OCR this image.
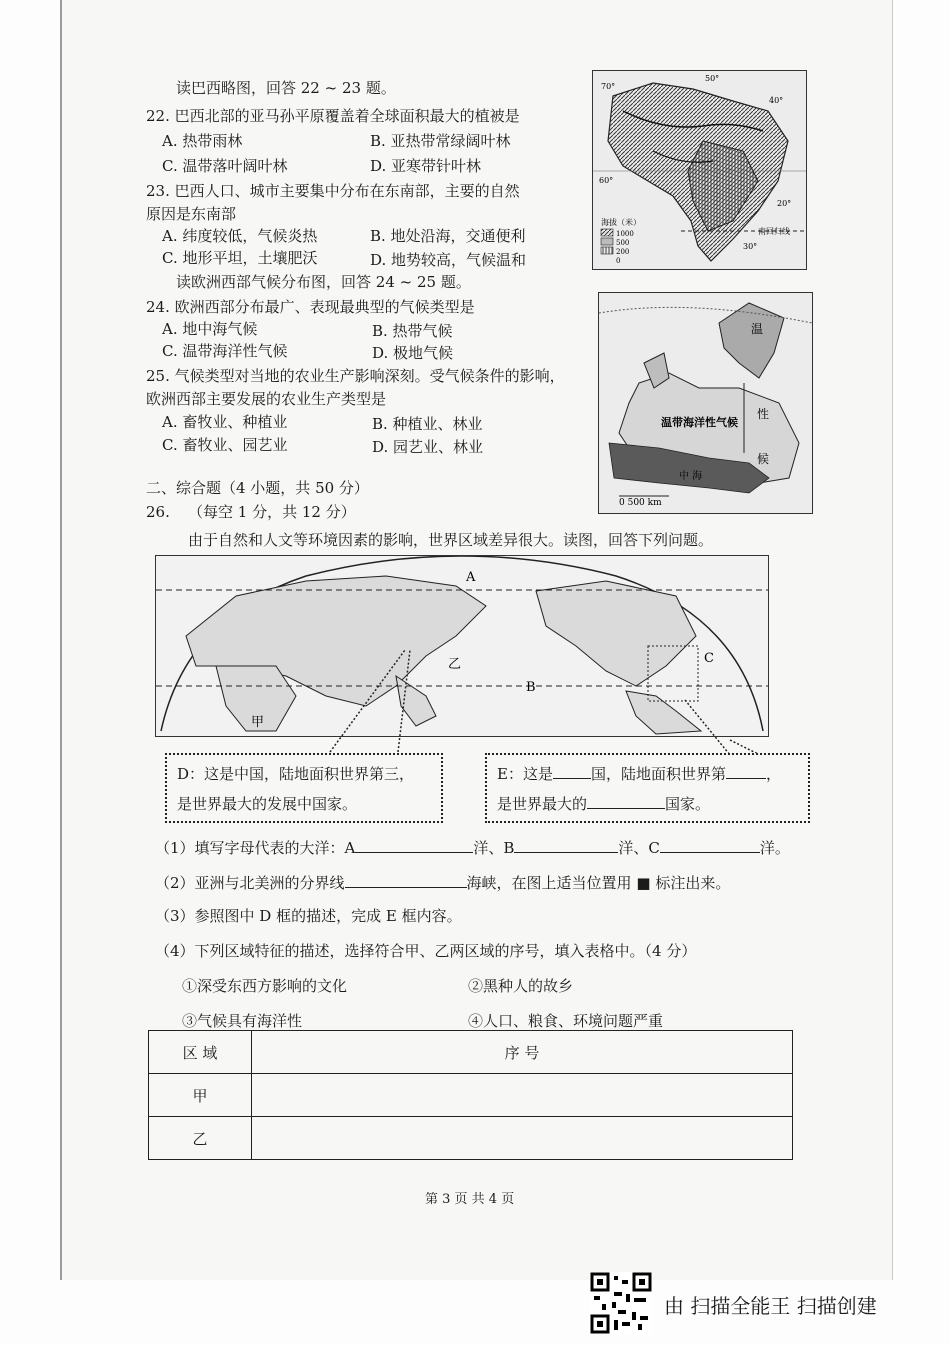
读巴西略图，回答 22 ~ 23 题。
22. 巴西北部的亚马孙平原覆盖着全球面积最大的植被是
A. 热带雨林	B. 亚热带常绿阔叶林
C. 温带落叶阔叶林	D. 亚寒带针叶林
23. 巴西人口、城市主要集中分布在东南部，主要的自然
原因是东南部
A. 纬度较低，气候炎热	B. 地处沿海，交通便利
C. 地形平坦，土壤肥沃	D. 地势较高，气候温和
读欧洲西部气候分布图，回答 24 ~ 25 题。
24. 欧洲西部分布最广、表现最典型的气候类型是
A. 地中海气候	B. 热带气候
C. 温带海洋性气候	D. 极地气候
25. 气候类型对当地的农业生产影响深刻。受气候条件的影响，
欧洲西部主要发展的农业生产类型是
A. 畜牧业、种植业	B. 种植业、林业
C. 畜牧业、园艺业	D. 园艺业、林业
70°
50°
40°
60°
20°
30°
南回归线
海拔（米）
1000
500
200
0
温
性
候
温带海洋性气候
中 海
0 500 km
二、综合题（4 小题，共 50 分）
26. （每空 1 分，共 12 分）
由于自然和人文等环境因素的影响，世界区域差异很大。读图，回答下列问题。
A
B
C
甲
乙
D：这是中国，陆地面积世界第三，
是世界最大的发展中国家。
E：这是	国，陆地面积世界第	，
是世界最大的	国家。
（1）填写字母代表的大洋：A	洋、B	洋、C	洋。
（2）亚洲与北美洲的分界线	海峡，在图上适当位置用 ■ 标注出来。
（3）参照图中 D 框的描述，完成 E 框内容。
（4）下列区域特征的描述，选择符合甲、乙两区域的序号，填入表格中。（4 分）
①深受东西方影响的文化	②黑种人的故乡
③气候具有海洋性	④人口、粮食、环境问题严重
区 域	序 号
甲	
乙	
第 3 页 共 4 页
由 扫描全能王 扫描创建
